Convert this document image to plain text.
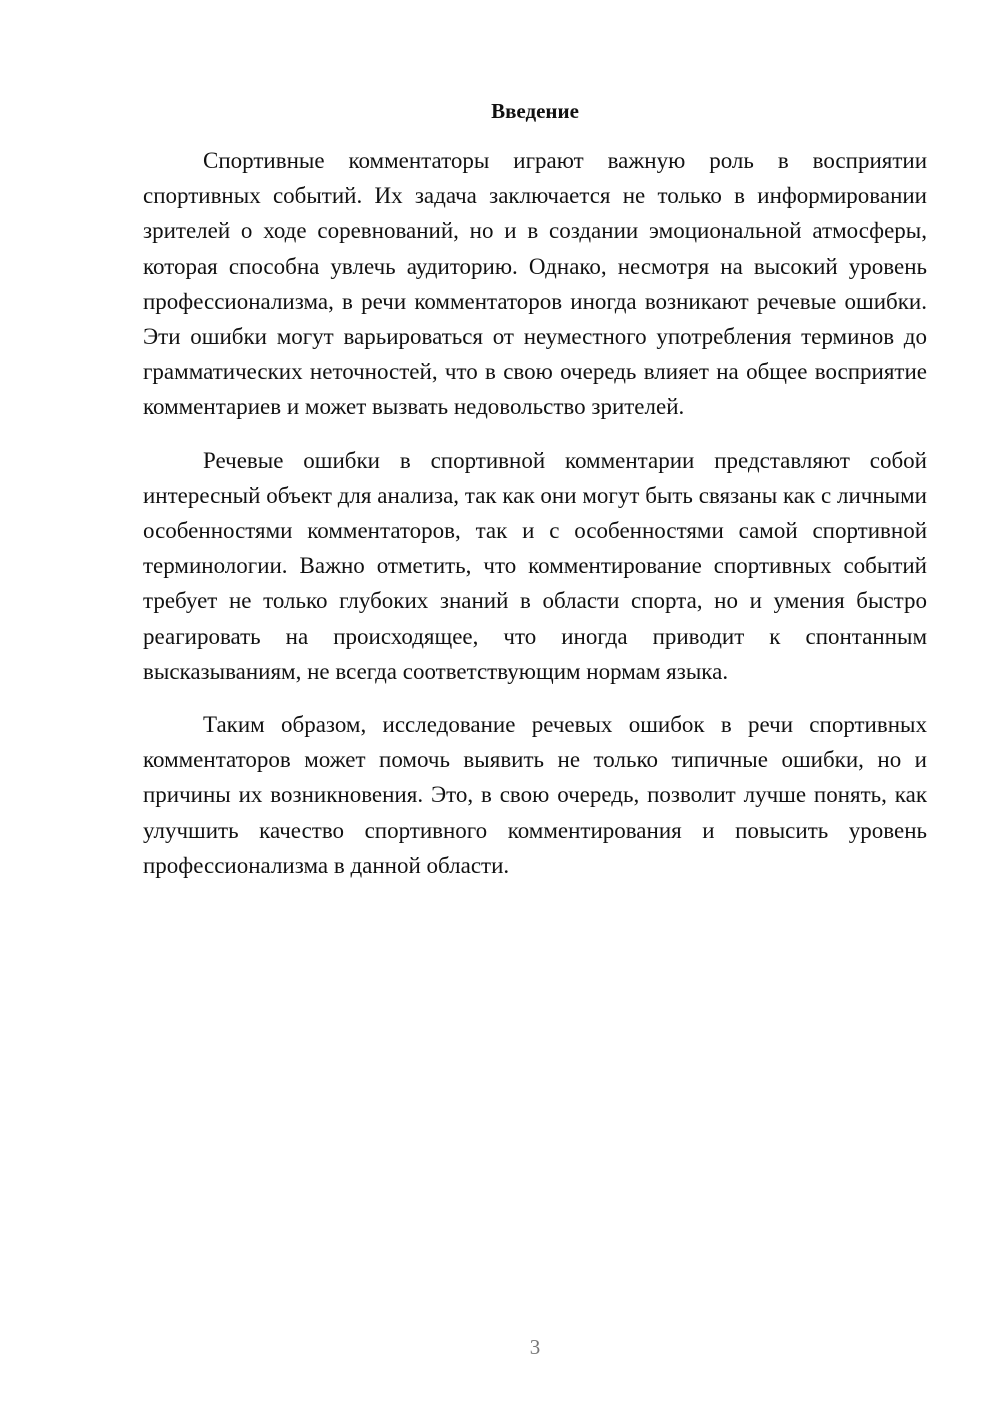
Введение

Спортивные комментаторы играют важную роль в восприятии спортивных событий. Их задача заключается не только в информировании зрителей о ходе соревнований, но и в создании эмоциональной атмосферы, которая способна увлечь аудиторию. Однако, несмотря на высокий уровень профессионализма, в речи комментаторов иногда возникают речевые ошибки. Эти ошибки могут варьироваться от неуместного употребления терминов до грамматических неточностей, что в свою очередь влияет на общее восприятие комментариев и может вызвать недовольство зрителей.

Речевые ошибки в спортивной комментарии представляют собой интересный объект для анализа, так как они могут быть связаны как с личными особенностями комментаторов, так и с особенностями самой спортивной терминологии. Важно отметить, что комментирование спортивных событий требует не только глубоких знаний в области спорта, но и умения быстро реагировать на происходящее, что иногда приводит к спонтанным высказываниям, не всегда соответствующим нормам языка.

Таким образом, исследование речевых ошибок в речи спортивных комментаторов может помочь выявить не только типичные ошибки, но и причины их возникновения. Это, в свою очередь, позволит лучше понять, как улучшить качество спортивного комментирования и повысить уровень профессионализма в данной области.

3
